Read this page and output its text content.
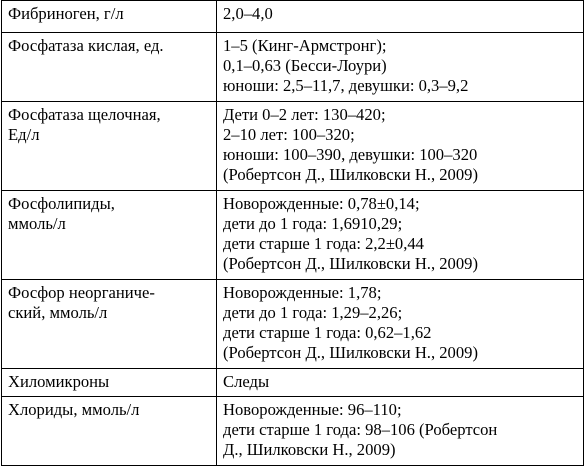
Фибриноген, г/л	2,0–4,0

Фосфатаза кислая, ед.	1–5 (Кинг-Армстронг);
0,1–0,63 (Бесси-Лоури)
юноши: 2,5–11,7, девушки: 0,3–9,2

Фосфатаза щелочная,
Ед/л	Дети 0–2 лет: 130–420;
2–10 лет: 100–320;
юноши: 100–390, девушки: 100–320
(Робертсон Д., Шилковски Н., 2009)

Фосфолипиды,
ммоль/л	Новорожденные: 0,78±0,14;
дети до 1 года: 1,6910,29;
дети старше 1 года: 2,2±0,44
(Робертсон Д., Шилковски Н., 2009)

Фосфор неорганиче-
ский, ммоль/л	Новорожденные: 1,78;
дети до 1 года: 1,29–2,26;
дети старше 1 года: 0,62–1,62
(Робертсон Д., Шилковски Н., 2009)

Хиломикроны	Следы

Хлориды, ммоль/л	Новорожденные: 96–110;
дети старше 1 года: 98–106 (Робертсон
Д., Шилковски Н., 2009)
